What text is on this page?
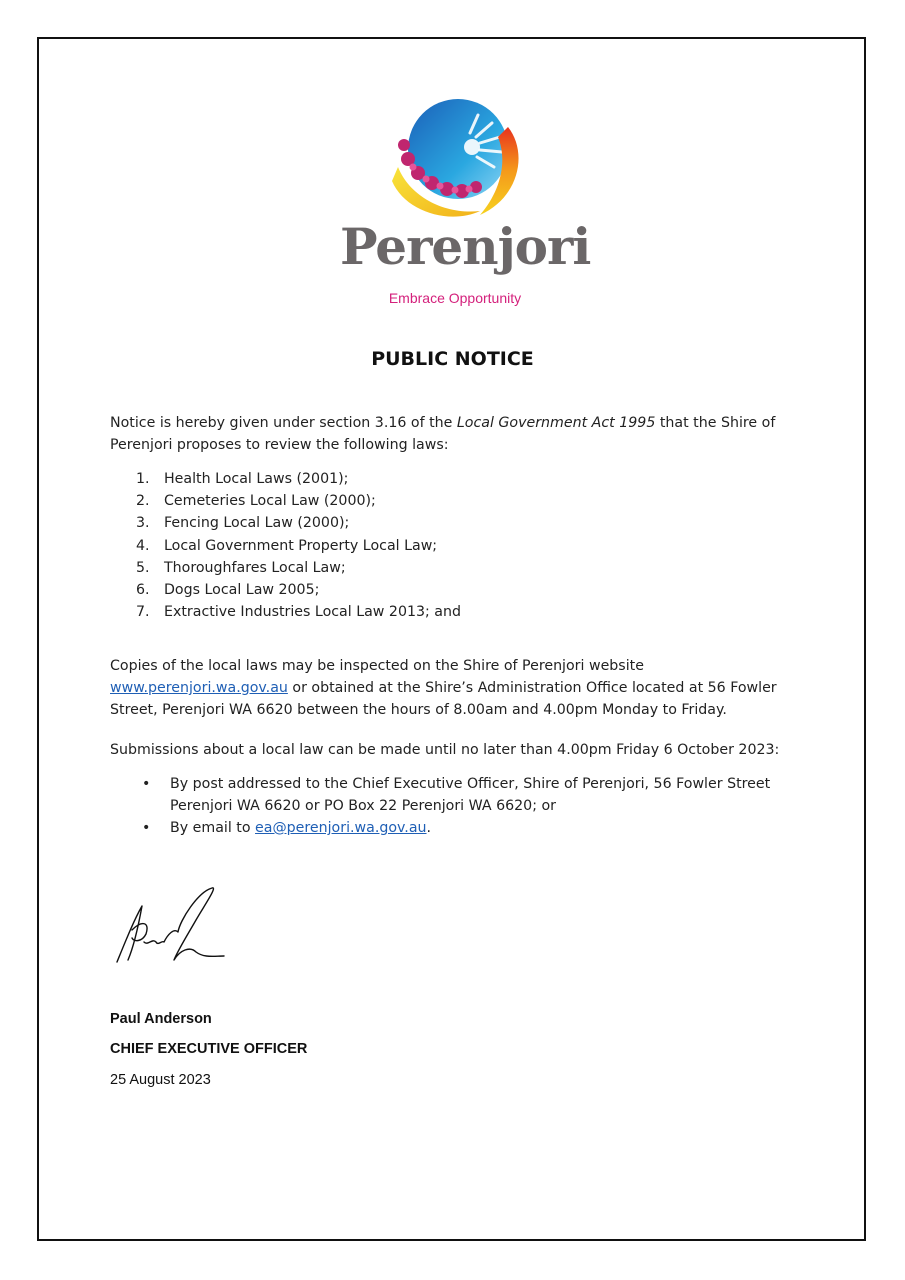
Perenjori
Embrace Opportunity
PUBLIC NOTICE
Notice is hereby given under section 3.16 of the Local Government Act 1995 that the Shire of Perenjori proposes to review the following laws:
1.	Health Local Laws (2001);
2.	Cemeteries Local Law (2000);
3.	Fencing Local Law (2000);
4.	Local Government Property Local Law;
5.	Thoroughfares Local Law;
6.	Dogs Local Law 2005;
7.	Extractive Industries Local Law 2013; and
Copies of the local laws may be inspected on the Shire of Perenjori website www.perenjori.wa.gov.au or obtained at the Shire’s Administration Office located at 56 Fowler Street, Perenjori WA 6620 between the hours of 8.00am and 4.00pm Monday to Friday.
Submissions about a local law can be made until no later than 4.00pm Friday 6 October 2023:
•	By post addressed to the Chief Executive Officer, Shire of Perenjori, 56 Fowler Street Perenjori WA 6620 or PO Box 22 Perenjori WA 6620; or
•	By email to ea@perenjori.wa.gov.au.
Paul Anderson
CHIEF EXECUTIVE OFFICER
25 August 2023
